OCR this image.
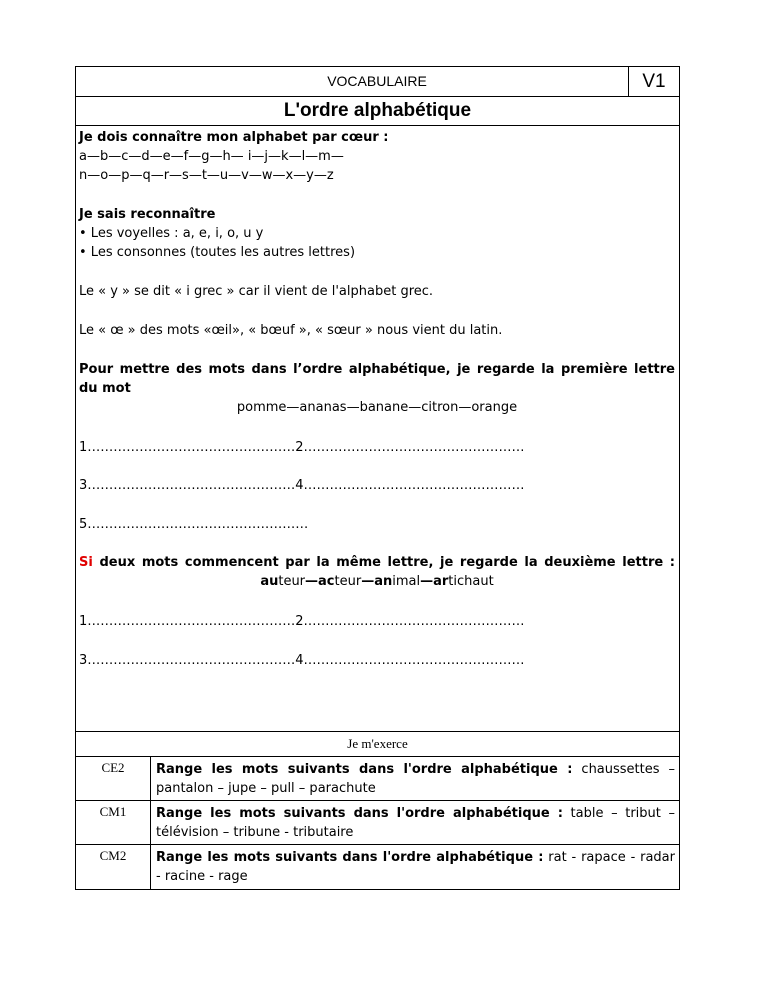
VOCABULAIRE	V1
L'ordre alphabétique
Je dois connaître mon alphabet par cœur :
a—b—c—d—e—f—g—h— i—j—k—l—m—
n—o—p—q—r—s—t—u—v—w—x—y—z
Je sais reconnaître
• Les voyelles : a, e, i, o, u y
• Les consonnes (toutes les autres lettres)
Le « y » se dit « i grec » car il vient de l'alphabet grec.
Le « œ » des mots «œil», « bœuf », « sœur » nous vient du latin.
Pour mettre des mots dans l’ordre alphabétique, je regarde la première lettre du mot
pomme—ananas—banane—citron—orange
1…………………………………………2……………………………………………
3…………………………………………4……………………………………………
5……………………………………………
Si deux mots commencent par la même lettre, je regarde la deuxième lettre :
auteur—acteur—animal—artichaut
1…………………………………………2……………………………………………
3…………………………………………4……………………………………………
Je m'exerce
CE2	Range les mots suivants dans l'ordre alphabétique : chaussettes – pantalon – jupe – pull – parachute
CM1	Range les mots suivants dans l'ordre alphabétique : table – tribut – télévision – tribune - tributaire
CM2	Range les mots suivants dans l'ordre alphabétique : rat - rapace - radar - racine - rage
